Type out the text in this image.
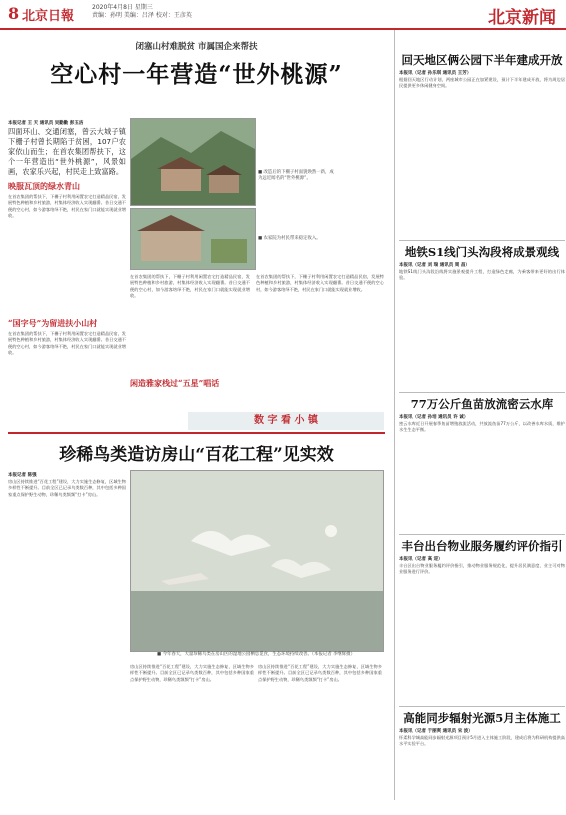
8 北京日報
2020年4月8日 星期三
责编：孙明 美编：吕泽 校对：王彦英	北京新闻
闭塞山村难脱贫 市属国企来帮扶
空心村一年营造“世外桃源”
本报记者 王 天 通讯员 吴勤勤 彭玉洁
四面环山、交通闭塞，曾云大城子镇下栅子村曾长期陷于贫困，107户农家依山而生；在首农集团帮扶下，这个一年营造出“世外桃源”，风景如画，农家乐兴起，村民走上致富路。
映服瓦顶的绿水青山
在首农集团的帮扶下，下栅子村利用闲置农宅打造精品民宿，发展特色种植和乡村旅游，村集体经济收入实现翻番。昔日交通不便的空心村，如今游客络绎不绝，村民在家门口就能实现就业增收。
“国字号”为留进扶小山村
在首农集团的帮扶下，下栅子村利用闲置农宅打造精品民宿，发展特色种植和乡村旅游，村集体经济收入实现翻番。昔日交通不便的空心村，如今游客络绎不绝，村民在家门口就能实现就业增收。
■ 改造后的下栅子村面貌焕然一新，成为远近闻名的“世外桃源”。
■ 农家院为村民带来稳定收入。
在首农集团的帮扶下，下栅子村利用闲置农宅打造精品民宿，发展特色种植和乡村旅游，村集体经济收入实现翻番。昔日交通不便的空心村，如今游客络绎不绝，村民在家门口就能实现就业增收。
闲造雅家栈过“五星”唱话
在首农集团的帮扶下，下栅子村利用闲置农宅打造精品民宿，发展特色种植和乡村旅游，村集体经济收入实现翻番。昔日交通不便的空心村，如今游客络绎不绝，村民在家门口就能实现就业增收。
数 字 看 小 镇
珍稀鸟类造访房山“百花工程”见实效
本报记者 陈强
房山区持续推进“百花工程”建设，大力实施生态修复，区域生物多样性不断提升。目前全区已记录鸟类数百种，其中包括多种国家重点保护野生动物，珍稀鸟类频频“打卡”房山。
■ 今年春天，大量珍稀鸟类在房山区的湿地公园栖息觅食，生态环境持续改善。（本报记者 李继辉摄）
房山区持续推进“百花工程”建设，大力实施生态修复，区域生物多样性不断提升。目前全区已记录鸟类数百种，其中包括多种国家重点保护野生动物，珍稀鸟类频频“打卡”房山。
房山区持续推进“百花工程”建设，大力实施生态修复，区域生物多样性不断提升。目前全区已记录鸟类数百种，其中包括多种国家重点保护野生动物，珍稀鸟类频频“打卡”房山。
回天地区俩公园下半年建成开放
本报讯（记者 孙乐琪 通讯员 王芳）
根据回天地区行动计划，两座城市公园正在加紧建设，预计下半年建成开放，将为周边居民提供更多休闲健身空间。
地铁S1线门头沟段将成景观线
本报讯（记者 刘 瑞 通讯员 周 昌）
地铁S1线门头沟段沿线将实施景观提升工程，打造绿色走廊，为乘客带来更好的出行体验。
77万公斤鱼苗放流密云水库
本报讯（记者 孙培 通讯员 许 诚）
密云水库近日开展春季鱼苗增殖放流活动，共放流鱼苗77万公斤，以改善水库水质，维护水生生态平衡。
丰台出台物业服务履约评价指引
本报讯（记者 高 迎）
丰台区出台物业服务履约评价指引，推动物业服务规范化，提升居民满意度，业主可对物业服务进行评价。
高能同步辐射光源5月主体施工
本报讯（记者 于丽爽 通讯员 宋 波）
怀柔科学城高能同步辐射光源项目预计5月进入主体施工阶段，建成后将为科研机构提供高水平实验平台。
